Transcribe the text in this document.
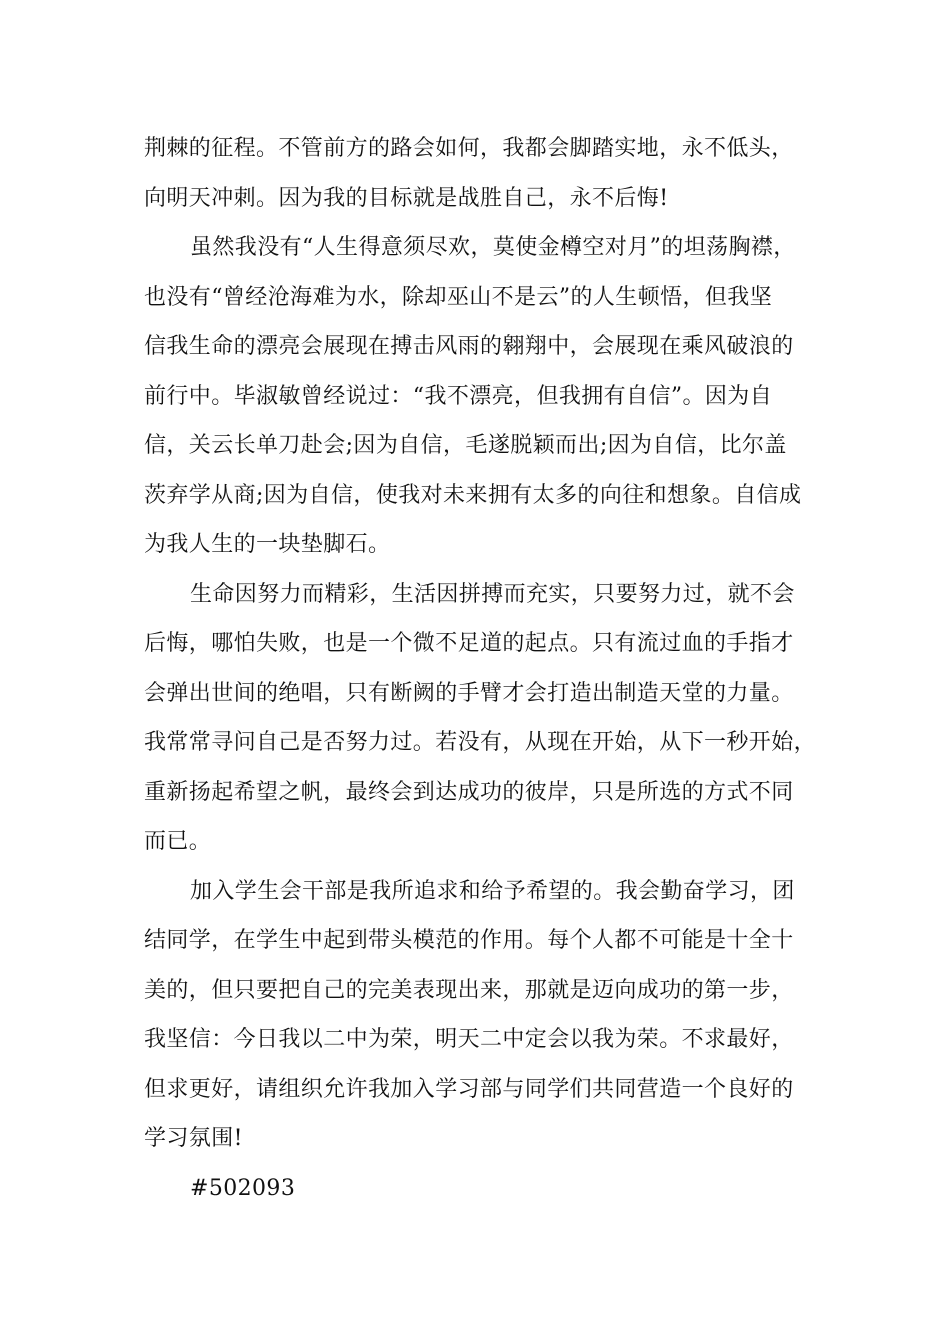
荆棘的征程。不管前方的路会如何，我都会脚踏实地，永不低头，
向明天冲刺。因为我的目标就是战胜自己，永不后悔!
虽然我没有“人生得意须尽欢，莫使金樽空对月”的坦荡胸襟，
也没有“曾经沧海难为水，除却巫山不是云”的人生顿悟，但我坚
信我生命的漂亮会展现在搏击风雨的翱翔中，会展现在乘风破浪的
前行中。毕淑敏曾经说过：“我不漂亮，但我拥有自信”。因为自
信，关云长单刀赴会;因为自信，毛遂脱颖而出;因为自信，比尔盖
茨弃学从商;因为自信，使我对未来拥有太多的向往和想象。自信成
为我人生的一块垫脚石。
生命因努力而精彩，生活因拼搏而充实，只要努力过，就不会
后悔，哪怕失败，也是一个微不足道的起点。只有流过血的手指才
会弹出世间的绝唱，只有断阙的手臂才会打造出制造天堂的力量。
我常常寻问自己是否努力过。若没有，从现在开始，从下一秒开始，
重新扬起希望之帆，最终会到达成功的彼岸，只是所选的方式不同
而已。
加入学生会干部是我所追求和给予希望的。我会勤奋学习，团
结同学，在学生中起到带头模范的作用。每个人都不可能是十全十
美的，但只要把自己的完美表现出来，那就是迈向成功的第一步，
我坚信：今日我以二中为荣，明天二中定会以我为荣。不求最好，
但求更好，请组织允许我加入学习部与同学们共同营造一个良好的
学习氛围!
#502093
